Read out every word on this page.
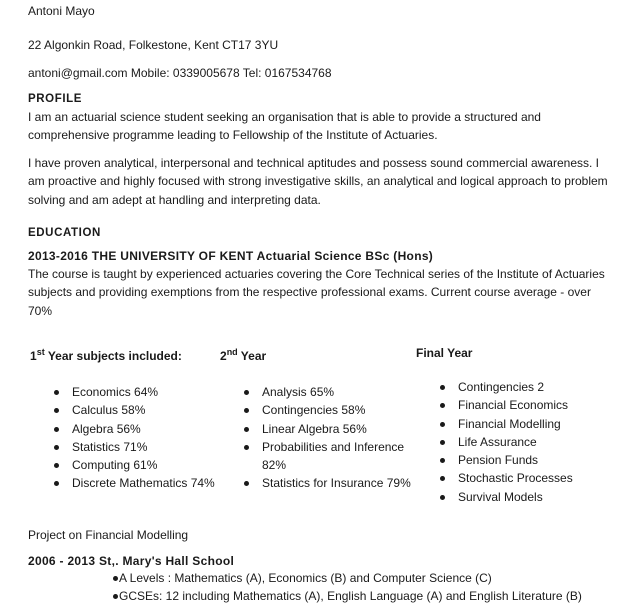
Antoni Mayo
22 Algonkin Road, Folkestone, Kent CT17 3YU
antoni@gmail.com Mobile: 0339005678 Tel: 0167534768
PROFILE
I am an actuarial science student seeking an organisation that is able to provide a structured and comprehensive programme leading to Fellowship of the Institute of Actuaries.
I have proven analytical, interpersonal and technical aptitudes and possess sound commercial awareness. I am proactive and highly focused with strong investigative skills, an analytical and logical approach to problem solving and am adept at handling and interpreting data.
EDUCATION
2013-2016 THE UNIVERSITY OF KENT Actuarial Science BSc (Hons)
The course is taught by experienced actuaries covering the Core Technical series of the Institute of Actuaries subjects and providing exemptions from the respective professional exams. Current course average - over 70%
1st Year subjects included:	2nd Year	Final Year
Economics 64%
Calculus 58%
Algebra 56%
Statistics 71%
Computing 61%
Discrete Mathematics 74%
Analysis 65%
Contingencies 58%
Linear Algebra 56%
Probabilities and Inference 82%
Statistics for Insurance 79%
Contingencies 2
Financial Economics
Financial Modelling
Life Assurance
Pension Funds
Stochastic Processes
Survival Models
Project on Financial Modelling
2006 - 2013 St,. Mary's Hall School
A Levels : Mathematics (A), Economics (B) and Computer Science (C)
GCSEs: 12 including Mathematics (A), English Language (A) and English Literature (B)
